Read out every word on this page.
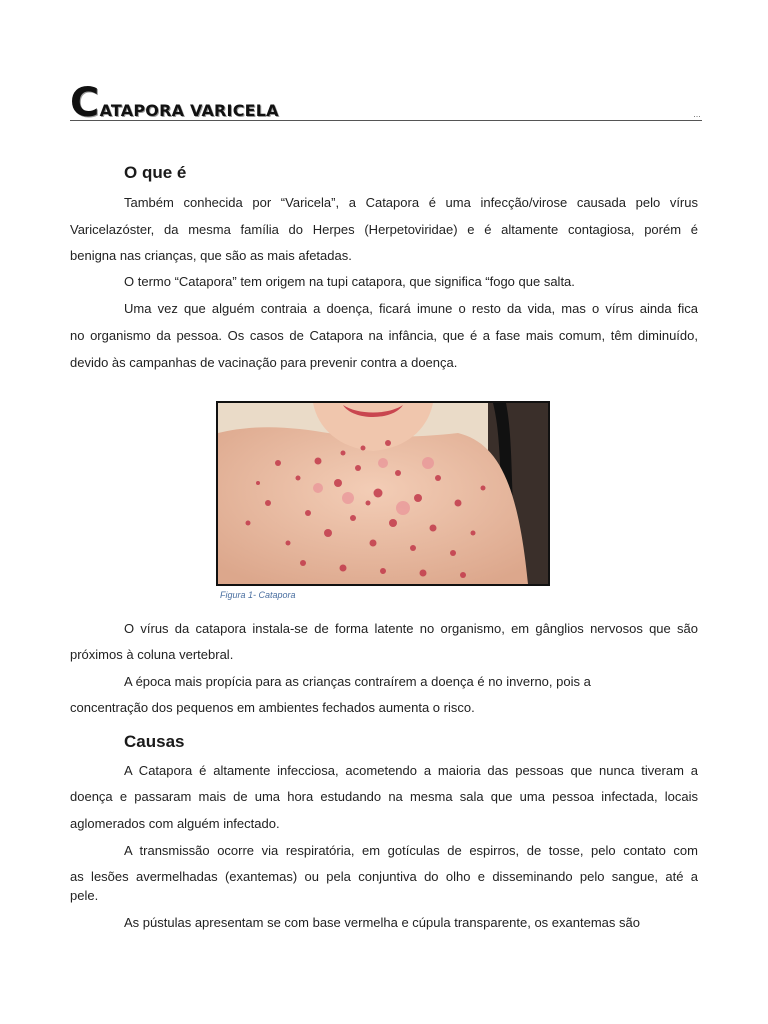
CATAPORA VARICELA	…
O que é
Também conhecida por “Varicela”, a Catapora é uma infecção/virose causada pelo vírus
Varicelazóster, da mesma família do Herpes (Herpetoviridae) e é altamente contagiosa, porém é
benigna nas crianças, que são as mais afetadas.
O termo “Catapora” tem origem na tupi catapora, que significa “fogo que salta.
Uma vez que alguém contraia a doença, ficará imune o resto da vida, mas o vírus ainda fica
no organismo da pessoa. Os casos de Catapora na infância, que é a fase mais comum, têm diminuído,
devido às campanhas de vacinação para prevenir contra a doença.
Figura 1- Catapora
O vírus da catapora instala-se de forma latente no organismo, em gânglios nervosos que são
próximos à coluna vertebral.
A época mais propícia para as crianças contraírem a doença é no inverno, pois a
concentração dos pequenos em ambientes fechados aumenta o risco.
Causas
A Catapora é altamente infecciosa, acometendo a maioria das pessoas que nunca tiveram a
doença e passaram mais de uma hora estudando na mesma sala que uma pessoa infectada, locais
aglomerados com alguém infectado.
A transmissão ocorre via respiratória, em gotículas de espirros, de tosse, pelo contato com
as lesões avermelhadas (exantemas) ou pela conjuntiva do olho e disseminando pelo sangue, até a
pele.
As pústulas apresentam se com base vermelha e cúpula transparente, os exantemas são
